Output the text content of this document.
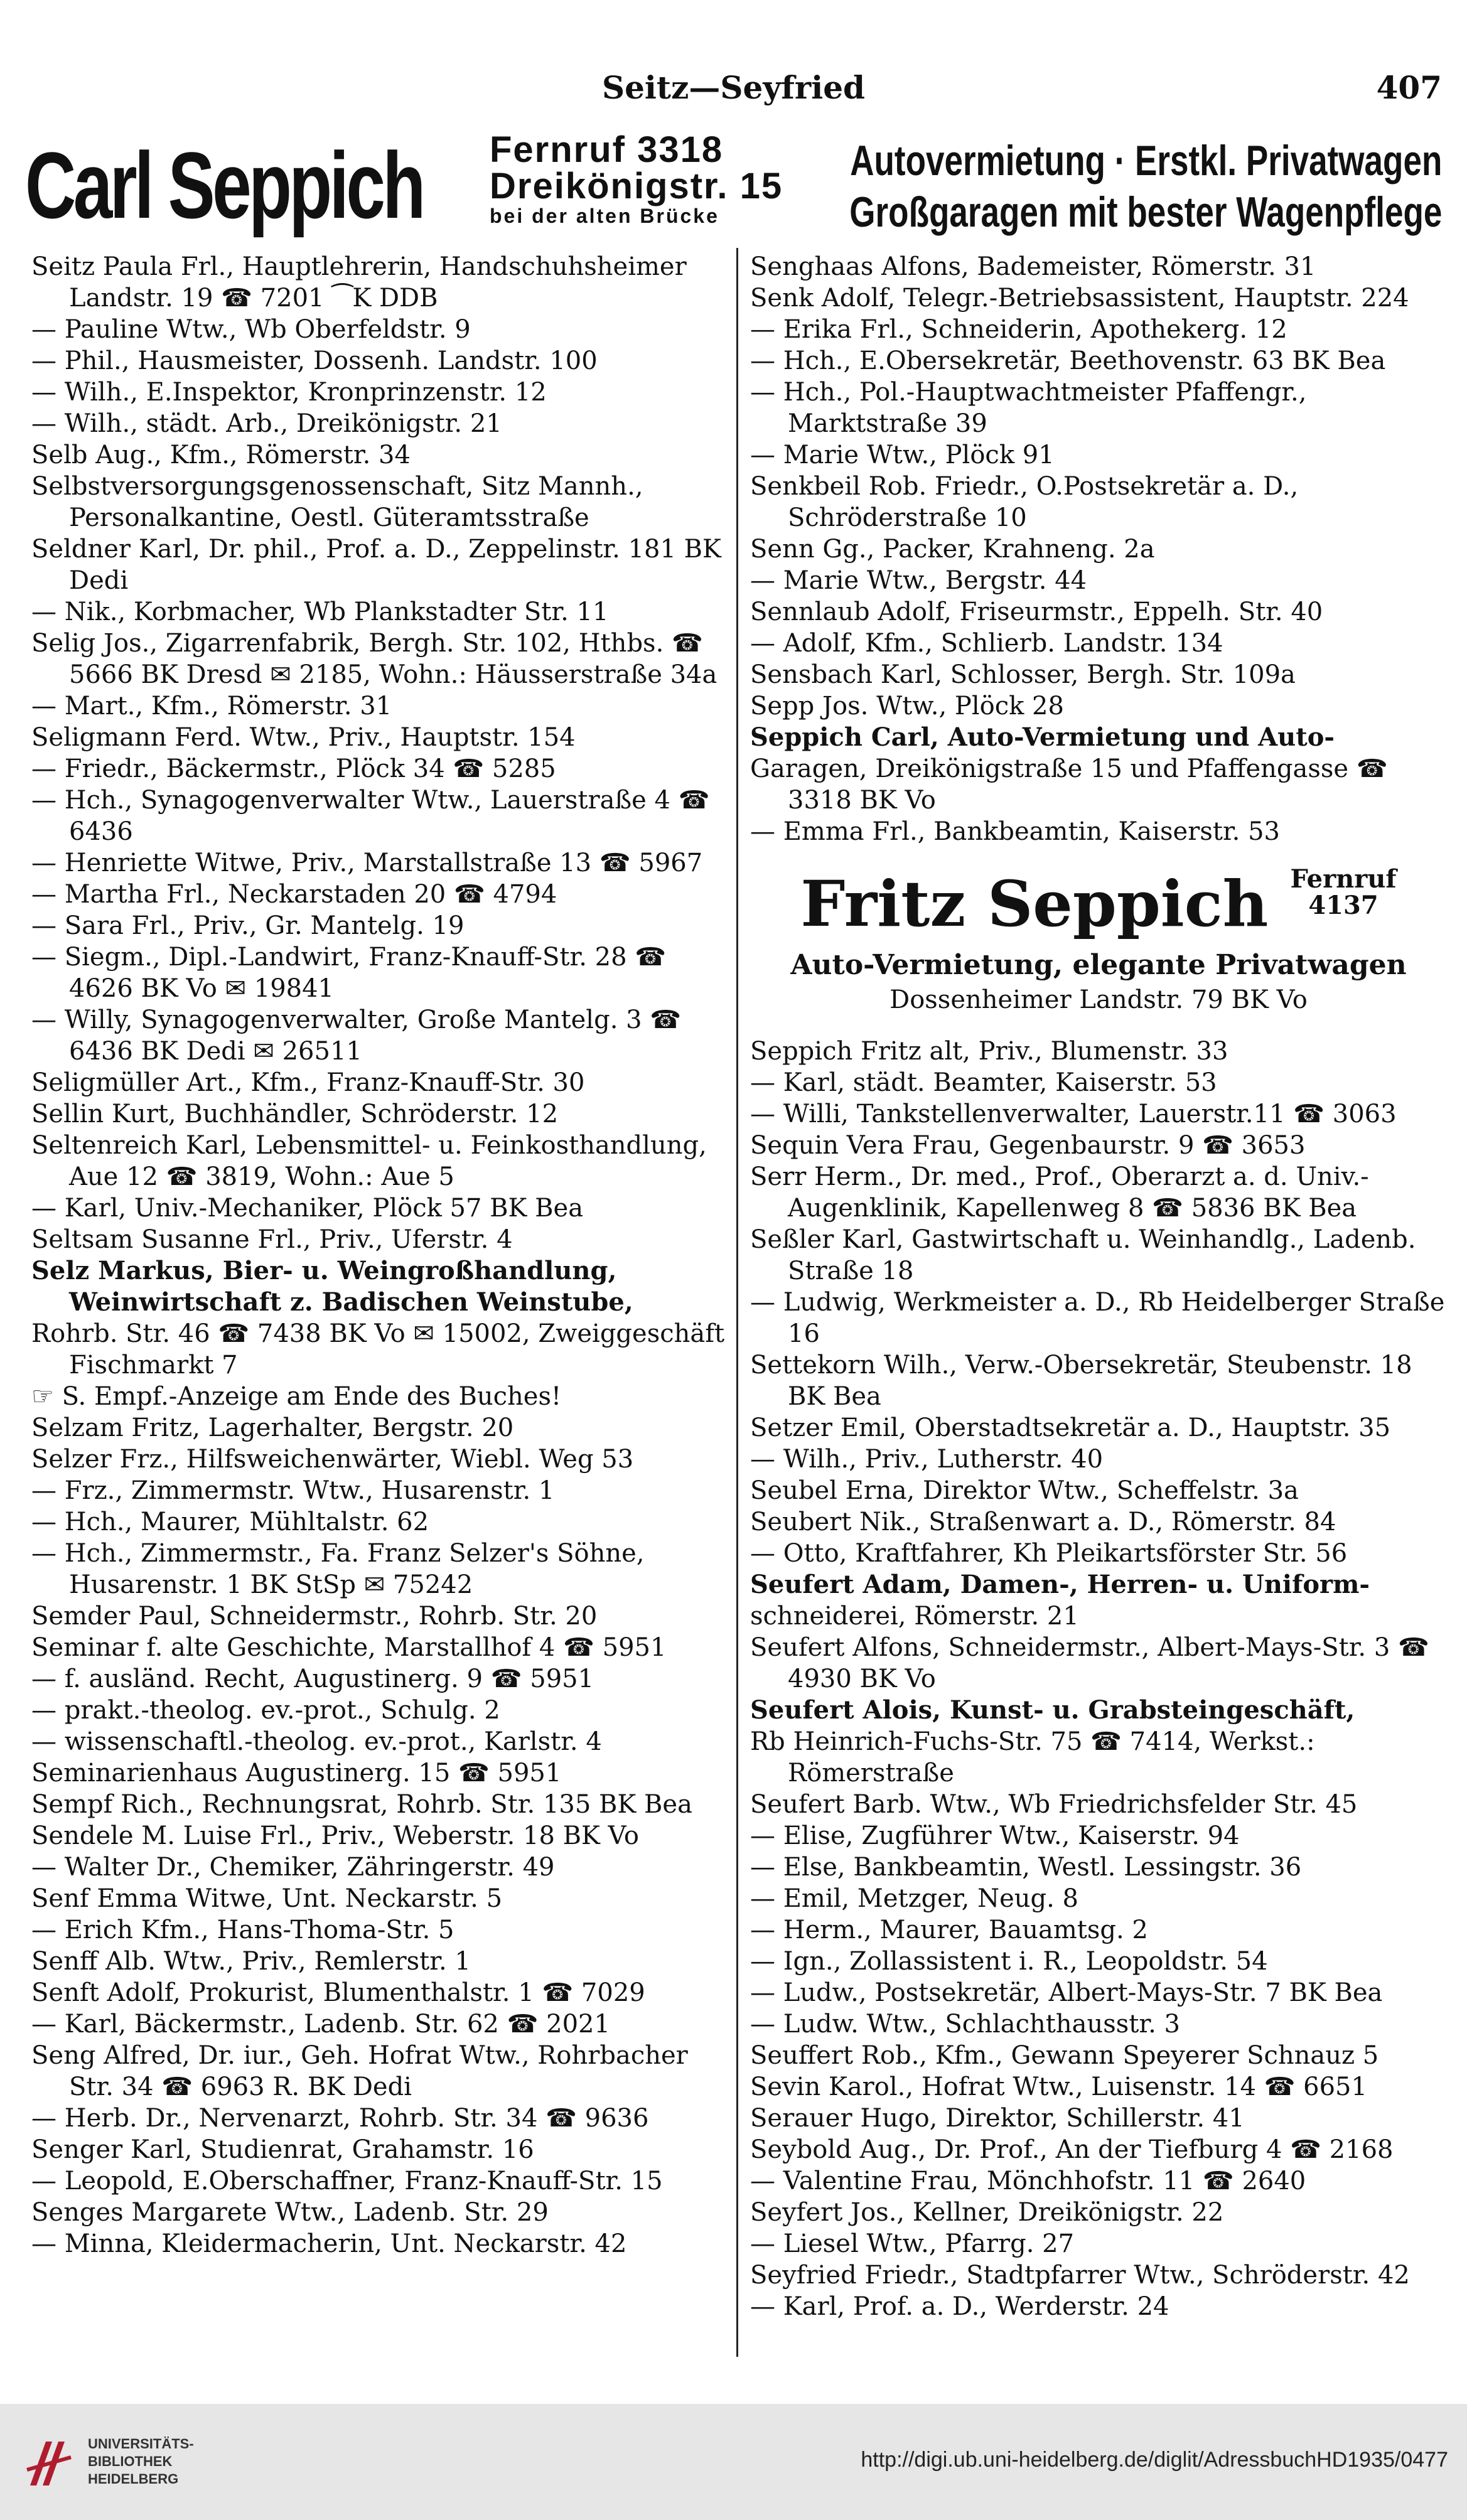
Seitz—Seyfried	407
Carl Seppich Fernruf 3318
Dreikönigstr. 15
bei der alten Brücke
Autovermietung · Erstkl. Privatwagen
Großgaragen mit bester Wagenpflege
Seitz Paula Frl., Hauptlehrerin, Handschuhsheimer Landstr. 19 ☎ 7201 ⁀K DDB
— Pauline Wtw., Wb Oberfeldstr. 9
— Phil., Hausmeister, Dossenh. Landstr. 100
— Wilh., E.Inspektor, Kronprinzenstr. 12
— Wilh., städt. Arb., Dreikönigstr. 21
Selb Aug., Kfm., Römerstr. 34
Selbstversorgungsgenossenschaft, Sitz Mannh., Personalkantine, Oestl. Güteramtsstraße
Seldner Karl, Dr. phil., Prof. a. D., Zeppelinstr. 181 BK Dedi
— Nik., Korbmacher, Wb Plankstadter Str. 11
Selig Jos., Zigarrenfabrik, Bergh. Str. 102, Hthbs. ☎ 5666 BK Dresd ✉ 2185, Wohn.: Häusserstraße 34a
— Mart., Kfm., Römerstr. 31
Seligmann Ferd. Wtw., Priv., Hauptstr. 154
— Friedr., Bäckermstr., Plöck 34 ☎ 5285
— Hch., Synagogenverwalter Wtw., Lauerstraße 4 ☎ 6436
— Henriette Witwe, Priv., Marstallstraße 13 ☎ 5967
— Martha Frl., Neckarstaden 20 ☎ 4794
— Sara Frl., Priv., Gr. Mantelg. 19
— Siegm., Dipl.-Landwirt, Franz-Knauff-Str. 28 ☎ 4626 BK Vo ✉ 19841
— Willy, Synagogenverwalter, Große Mantelg. 3 ☎ 6436 BK Dedi ✉ 26511
Seligmüller Art., Kfm., Franz-Knauff-Str. 30
Sellin Kurt, Buchhändler, Schröderstr. 12
Seltenreich Karl, Lebensmittel- u. Feinkosthandlung, Aue 12 ☎ 3819, Wohn.: Aue 5
— Karl, Univ.-Mechaniker, Plöck 57 BK Bea
Seltsam Susanne Frl., Priv., Uferstr. 4
Selz Markus, Bier- u. Weingroßhandlung, Weinwirtschaft z. Badischen Weinstube,
Rohrb. Str. 46 ☎ 7438 BK Vo ✉ 15002, Zweiggeschäft Fischmarkt 7
☞ S. Empf.-Anzeige am Ende des Buches!
Selzam Fritz, Lagerhalter, Bergstr. 20
Selzer Frz., Hilfsweichenwärter, Wiebl. Weg 53
— Frz., Zimmermstr. Wtw., Husarenstr. 1
— Hch., Maurer, Mühltalstr. 62
— Hch., Zimmermstr., Fa. Franz Selzer's Söhne, Husarenstr. 1 BK StSp ✉ 75242
Semder Paul, Schneidermstr., Rohrb. Str. 20
Seminar f. alte Geschichte, Marstallhof 4 ☎ 5951
— f. ausländ. Recht, Augustinerg. 9 ☎ 5951
— prakt.-theolog. ev.-prot., Schulg. 2
— wissenschaftl.-theolog. ev.-prot., Karlstr. 4
Seminarienhaus Augustinerg. 15 ☎ 5951
Sempf Rich., Rechnungsrat, Rohrb. Str. 135 BK Bea
Sendele M. Luise Frl., Priv., Weberstr. 18 BK Vo
— Walter Dr., Chemiker, Zähringerstr. 49
Senf Emma Witwe, Unt. Neckarstr. 5
— Erich Kfm., Hans-Thoma-Str. 5
Senff Alb. Wtw., Priv., Remlerstr. 1
Senft Adolf, Prokurist, Blumenthalstr. 1 ☎ 7029
— Karl, Bäckermstr., Ladenb. Str. 62 ☎ 2021
Seng Alfred, Dr. iur., Geh. Hofrat Wtw., Rohrbacher Str. 34 ☎ 6963 R. BK Dedi
— Herb. Dr., Nervenarzt, Rohrb. Str. 34 ☎ 9636
Senger Karl, Studienrat, Grahamstr. 16
— Leopold, E.Oberschaffner, Franz-Knauff-Str. 15
Senges Margarete Wtw., Ladenb. Str. 29
— Minna, Kleidermacherin, Unt. Neckarstr. 42
Senghaas Alfons, Bademeister, Römerstr. 31
Senk Adolf, Telegr.-Betriebsassistent, Hauptstr. 224
— Erika Frl., Schneiderin, Apothekerg. 12
— Hch., E.Obersekretär, Beethovenstr. 63 BK Bea
— Hch., Pol.-Hauptwachtmeister Pfaffengr., Marktstraße 39
— Marie Wtw., Plöck 91
Senkbeil Rob. Friedr., O.Postsekretär a. D., Schröderstraße 10
Senn Gg., Packer, Krahneng. 2a
— Marie Wtw., Bergstr. 44
Sennlaub Adolf, Friseurmstr., Eppelh. Str. 40
— Adolf, Kfm., Schlierb. Landstr. 134
Sensbach Karl, Schlosser, Bergh. Str. 109a
Sepp Jos. Wtw., Plöck 28
Seppich Carl, Auto-Vermietung und Auto-
Garagen, Dreikönigstraße 15 und Pfaffengasse ☎ 3318 BK Vo
— Emma Frl., Bankbeamtin, Kaiserstr. 53
Fritz Seppich Fernruf
4137
Auto-Vermietung, elegante Privatwagen
Dossenheimer Landstr. 79 BK Vo
Seppich Fritz alt, Priv., Blumenstr. 33
— Karl, städt. Beamter, Kaiserstr. 53
— Willi, Tankstellenverwalter, Lauerstr.11 ☎ 3063
Sequin Vera Frau, Gegenbaurstr. 9 ☎ 3653
Serr Herm., Dr. med., Prof., Oberarzt a. d. Univ.-Augenklinik, Kapellenweg 8 ☎ 5836 BK Bea
Seßler Karl, Gastwirtschaft u. Weinhandlg., Ladenb. Straße 18
— Ludwig, Werkmeister a. D., Rb Heidelberger Straße 16
Settekorn Wilh., Verw.-Obersekretär, Steubenstr. 18 BK Bea
Setzer Emil, Oberstadtsekretär a. D., Hauptstr. 35
— Wilh., Priv., Lutherstr. 40
Seubel Erna, Direktor Wtw., Scheffelstr. 3a
Seubert Nik., Straßenwart a. D., Römerstr. 84
— Otto, Kraftfahrer, Kh Pleikartsförster Str. 56
Seufert Adam, Damen-, Herren- u. Uniform-
schneiderei, Römerstr. 21
Seufert Alfons, Schneidermstr., Albert-Mays-Str. 3 ☎ 4930 BK Vo
Seufert Alois, Kunst- u. Grabsteingeschäft,
Rb Heinrich-Fuchs-Str. 75 ☎ 7414, Werkst.: Römerstraße
Seufert Barb. Wtw., Wb Friedrichsfelder Str. 45
— Elise, Zugführer Wtw., Kaiserstr. 94
— Else, Bankbeamtin, Westl. Lessingstr. 36
— Emil, Metzger, Neug. 8
— Herm., Maurer, Bauamtsg. 2
— Ign., Zollassistent i. R., Leopoldstr. 54
— Ludw., Postsekretär, Albert-Mays-Str. 7 BK Bea
— Ludw. Wtw., Schlachthausstr. 3
Seuffert Rob., Kfm., Gewann Speyerer Schnauz 5
Sevin Karol., Hofrat Wtw., Luisenstr. 14 ☎ 6651
Serauer Hugo, Direktor, Schillerstr. 41
Seybold Aug., Dr. Prof., An der Tiefburg 4 ☎ 2168
— Valentine Frau, Mönchhofstr. 11 ☎ 2640
Seyfert Jos., Kellner, Dreikönigstr. 22
— Liesel Wtw., Pfarrg. 27
Seyfried Friedr., Stadtpfarrer Wtw., Schröderstr. 42
— Karl, Prof. a. D., Werderstr. 24
UNIVERSITÄTS-
BIBLIOTHEK
HEIDELBERG
http://digi.ub.uni-heidelberg.de/diglit/AdressbuchHD1935/0477
